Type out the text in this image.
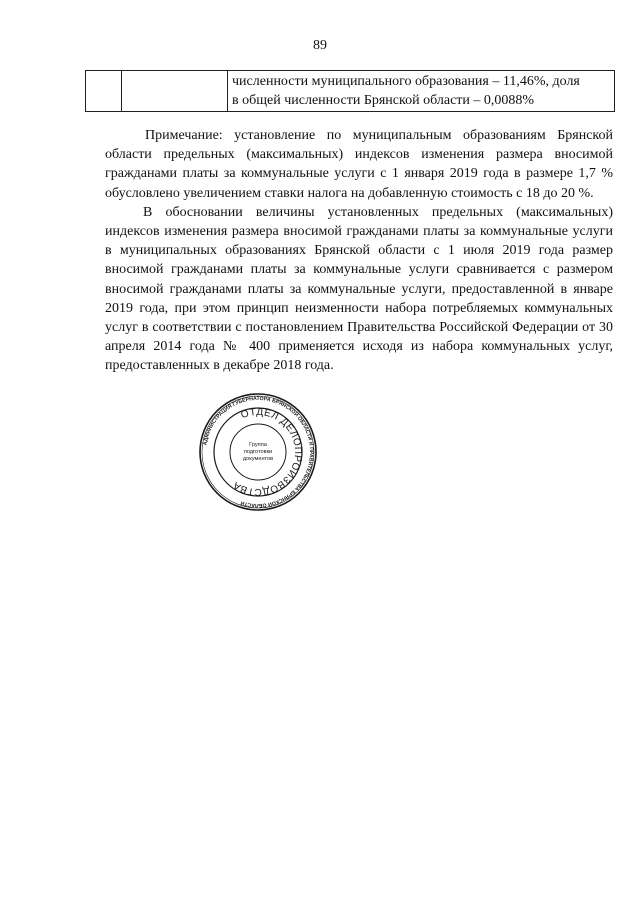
89

численности муниципального образования – 11,46%, доля
в общей численности Брянской области – 0,0088%

Примечание: установление по муниципальным образованиям Брянской области предельных (максимальных) индексов изменения размера вносимой гражданами платы за коммунальные услуги с 1 января 2019 года в размере 1,7 % обусловлено увеличением ставки налога на добавленную стоимость с 18 до 20 %.

В обосновании величины установленных предельных (максимальных) индексов изменения размера вносимой гражданами платы за коммунальные услуги в муниципальных образованиях Брянской области с 1 июля 2019 года размер вносимой гражданами платы за коммунальные услуги сравнивается с размером вносимой гражданами платы за коммунальные услуги, предоставленной в январе 2019 года, при этом принцип неизменности набора потребляемых коммунальных услуг в соответствии с постановлением Правительства Российской Федерации от 30 апреля 2014 года № 400 применяется исходя из набора коммунальных услуг, предоставленных в декабре 2018 года.

АДМИНИСТРАЦИЯ ГУБЕРНАТОРА БРЯНСКОЙ ОБЛАСТИ И ПРАВИТЕЛЬСТВА БРЯНСКОЙ ОБЛАСТИ
ОТДЕЛ ДЕЛОПРОИЗВОДСТВА
Группа
подготовки
документов
